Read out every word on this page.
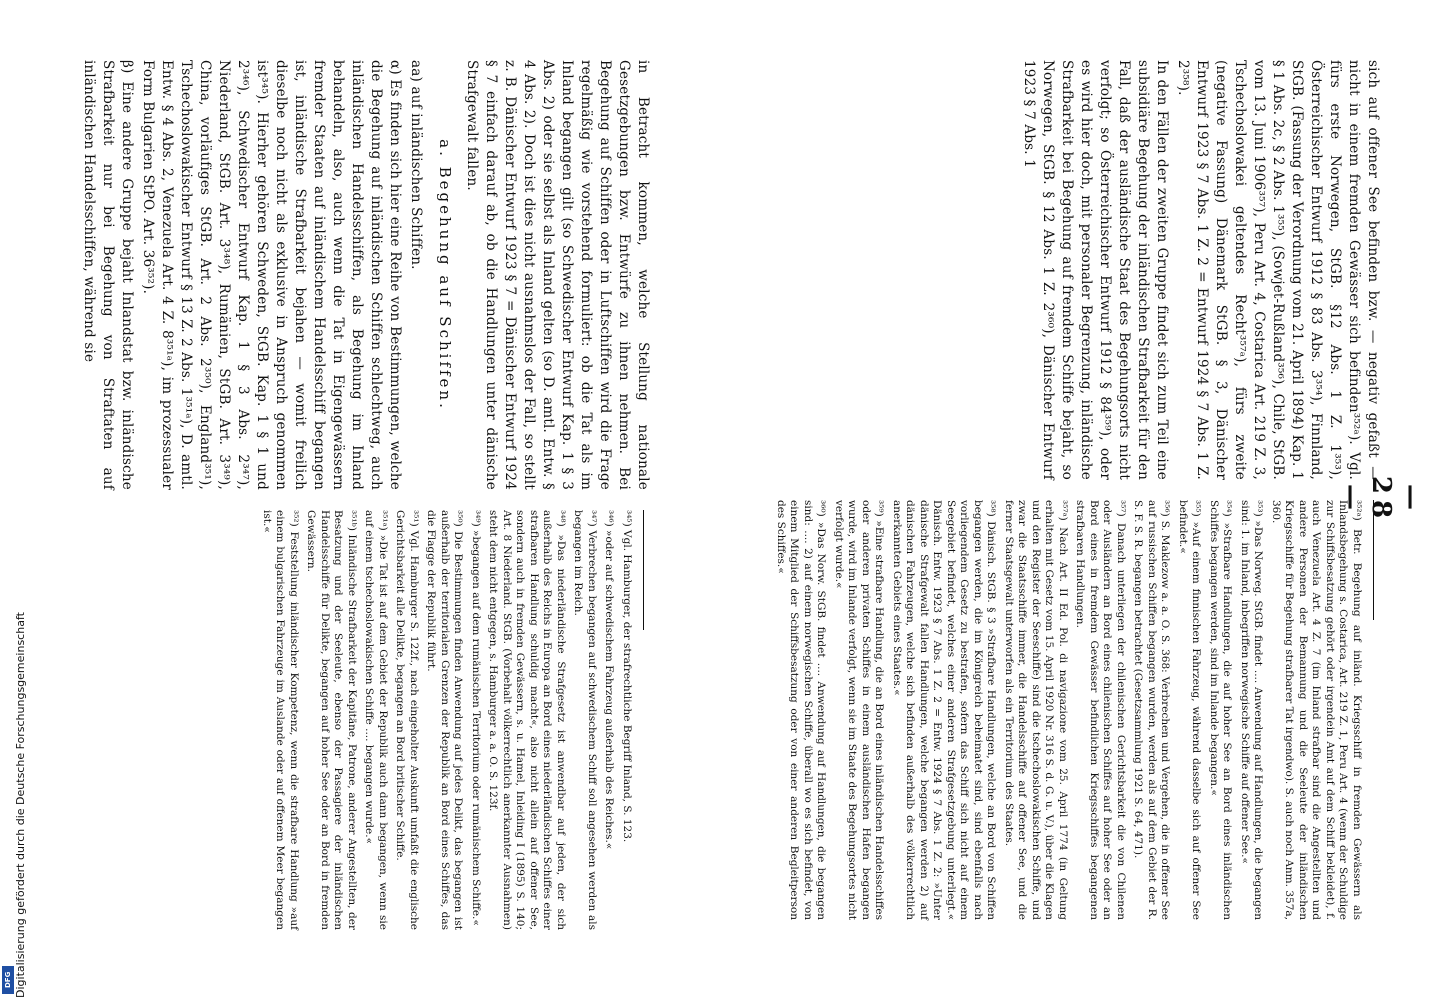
Digitalisierung gefördert durch die Deutsche Forschungsgemeinschaft
DFG
— 28 —

sich auf offener See befinden bzw. — negativ gefaßt — nicht in einem fremden Gewässer sich befinden³⁵²ᵃ). Vgl. fürs erste Norwegen, StGB. §12 Abs. 1 Z. 1³⁵³), Österreichischer Entwurf 1912 § 83 Abs. 3³⁵⁴), Finnland, StGB. (Fassung der Verordnung vom 21. April 1894) Kap. 1 § 1 Abs. 2c, § 2 Abs. 1³⁵⁵), (Sowjet-Rußland³⁵⁶), Chile, StGB. vom 13. Juni 1906³⁵⁷), Peru Art. 4, Costarica Art. 219 Z. 3, Tschechoslowakei geltendes Recht³⁵⁷ᵃ), fürs zweite (negative Fassung) Dänemark StGB. § 3, Dänischer Entwurf 1923 § 7 Abs. 1 Z. 2 = Entwurf 1924 § 7 Abs. 1 Z. 2³⁵⁸).

In den Fällen der zweiten Gruppe findet sich zum Teil eine subsidiäre Begehung der inländischen Strafbarkeit für den Fall, daß der ausländische Staat des Begehungsorts nicht verfolgt; so Österreichischer Entwurf 1912 § 84³⁵⁹), oder es wird hier doch, mit personaler Begrenzung, inländische Strafbarkeit bei Begehung auf fremdem Schiffe bejaht, so Norwegen, StGB. § 12 Abs. 1 Z. 2³⁶⁰), Dänischer Entwurf 1923 § 7 Abs. 1

³⁵²ᵃ) Betr. Begehung auf inländ. Kriegsschiff in fremden Gewässern als Inlandsbegehung s. Costarica, Art. 219 Z. 1, Peru Art. 4 (wenn der Schuldige zur Schiffsbesatzung gehört oder irgendein Amt auf dem Schiff bekleidet), f. auch Venezuela Art. 4 Z. 7 (im Inland strafbar sind die Angestellten und andere Personen der Bemannung und die Seeleute der inländischen Kriegsschiffe für Begehung strafbarer Tat irgendwo). S. auch noch Anm. 357a, 360.

³⁵³) »Das Norweg. StGB. findet .... Anwendung auf Handlungen, die begangen sind: 1. im Inland, inbegriffen norwegische Schiffe auf offener See.«

³⁵⁴) »Strafbare Handlungen, die auf hoher See an Bord eines inländischen Schiffes begangen werden, sind im Inlande begangen.«

³⁵⁵) »Auf einem finnischen Fahrzeug, während dasselbe sich auf offener See befindet.«

³⁵⁶) S. Maklezow a. a. O. S. 368: Verbrechen und Vergehen, die in offener See auf russischen Schiffen begangen wurden, werden als auf dem Gebiet der R. S. F. S. R. begangen betrachtet (Gesetzsammlung 1921 S. 64, 471).

³⁵⁷) Danach unterliegen der chilenischen Gerichtsbarkeit die von Chilenen oder Ausländern an Bord eines chilenischen Schiffes auf hoher See oder an Bord eines in fremdem Gewässer befindlichen Kriegsschiffes begangenen strafbaren Handlungen.

³⁵⁷ᵃ) Nach Art. II Ed. Pol. di navigazione vom 25. April 1774 (in Geltung erhalten mit Gesetz vom 15. April 1920 Nr. 316 S. d. G. u. V.), über die Klagen und den Register der Seeschiffe) sind die tschechoslowakischen Schiffe, und zwar die Staatsschiffe immer, die Handelsschiffe auf offener See, und die ferner Staatsgewalt unterworfen als ein Territorium des Staates.

³⁵⁸) Dänisch. StGB. § 3 »Strafbare Handlungen, welche an Bord von Schiffen begangen werden, die im Königreich beheimatet sind, sind ebenfalls nach vorliegendem Gesetz zu bestrafen, sofern das Schiff sich nicht auf einem Seegebiet befindet, welches einer anderen Strafgesetzgebung unterliegt.« Dänisch. Entw. 1923 § 7 Abs. 1 Z. 2 = Entw. 1924 § 7 Abs. 1 Z. 2: »Unter dänische Strafgewalt fallen Handlungen, welche begangen werden 2) auf dänischen Fahrzeugen, welche sich befinden außerhalb des völkerrechtlich anerkannten Gebiets eines Staates.«

³⁵⁹) »Eine strafbare Handlung, die an Bord eines inländischen Handelsschiffes oder anderen privaten Schiffes in einem ausländischen Hafen begangen wurde, wird im Inlande verfolgt, wenn sie im Staate des Begehungsortes nicht verfolgt wurde.«

³⁶⁰) »Das Norw. StGB. findet .... Anwendung auf Handlungen, die begangen sind: .... 2) auf einem norwegischen Schiffe, überall wo es sich befindet, von einem Mitglied der Schiffsbesatzung oder von einer anderen Begleitperson des Schiffes.«

in Betracht kommen, welche Stellung nationale Gesetzgebungen bzw. Entwürfe zu ihnen nehmen. Bei Begehung auf Schiffen oder in Luftschiffen wird die Frage regelmäßig wie vorstehend formuliert: ob die Tat als im Inland begangen gilt (so Schwedischer Entwurf Kap. 1 § 3 Abs. 2) oder sie selbst als Inland gelten (so D. amtl. Entw. § 4 Abs. 2). Doch ist dies nicht ausnahmslos der Fall, so stellt z. B. Dänischer Entwurf 1923 § 7 = Dänischer Entwurf 1924 § 7 einfach darauf ab, ob die Handlungen unter dänische Strafgewalt fallen.

a. Begehung auf Schiffen.

aa) auf inländischen Schiffen.

α) Es finden sich hier eine Reihe von Bestimmungen, welche die Begehung auf inländischen Schiffen schlechtweg, auch inländischen Handelsschiffen, als Begehung im Inland behandeln, also, auch wenn die Tat in Eigengewässern fremder Staaten auf inländischem Handelsschiff begangen ist, inländische Strafbarkeit bejahen — womit freilich dieselbe noch nicht als exklusive in Anspruch genommen ist³⁴⁵). Hierher gehören Schweden, StGB. Kap. 1 § 1 und 2³⁴⁶), Schwedischer Entwurf Kap. 1 § 3 Abs. 2³⁴⁷), Niederland, StGB. Art. 3³⁴⁸), Rumänien, StGB. Art. 3³⁴⁹), China, vorläufiges StGB. Art. 2 Abs. 2³⁵⁰), England³⁵¹), Tschechoslowakischer Entwurf § 13 Z. 2 Abs. 1³⁵¹ᵃ), D. amtl. Entw. § 4 Abs. 2, Venezuela Art. 4 Z. 8³⁵¹ᵃ), im prozessualer Form Bulgarien StPO. Art. 36³⁵²).

β) Eine andere Gruppe bejaht Inlandstat bzw. inländische Strafbarkeit nur bei Begehung von Straftaten auf inländischen Handelsschiffen, während sie

³⁴⁵) Vgl. Hamburger, der strafrechtliche Begriff Inland, S. 123.

³⁴⁶) »oder auf schwedischem Fahrzeug außerhalb des Reiches.«

³⁴⁷) Verbrechen begangen auf schwedischem Schiff soll angesehen werden als begangen im Reich.

³⁴⁸) »Das niederländische Strafgesetz ist anwendbar auf jeden, der sich außerhalb des Reichs in Europa an Bord eines niederländischen Schiffes einer strafbaren Handlung schuldig macht«, also nicht allein auf offener See, sondern auch in fremden Gewässern, s. u. Hamel, Inleiding I (1895) S. 140; Art. 8 Niederland. StGB. (Vorbehalt völkerrechtlich anerkannter Ausnahmen) steht dem nicht entgegen, s. Hamburger a. a. O. S. 123f.

³⁴⁹) »begangen auf dem rumänischen Territorium oder rumänischem Schiffe.«

³⁵⁰) Die Bestimmungen finden Anwendung auf jedes Delikt, das begangen ist außerhalb der territorialen Grenzen der Republik an Bord eines Schiffes, das die Flagge der Republik führt.

³⁵¹) Vgl. Hamburger S. 122f., nach eingeholter Auskunft umfaßt die englische Gerichtsbarkeit alle Delikte, begangen an Bord britischer Schiffe.

³⁵¹ᵃ) »Die Tat ist auf dem Gebiet der Republik auch dann begangen, wenn sie auf einem tschechoslowakischen Schiffe .... begangen wurde.«

³⁵¹ᵇ) Inländische Strafbarkeit der Kapitäne, Patrone, anderer Angestellten, der Besatzung und der Seeleute, ebenso der Passagiere der inländischen Handelsschiffe für Delikte, begangen auf hoher See oder an Bord in fremden Gewässern.

³⁵²) Feststellung inländischer Kompetenz, wenn die strafbare Handlung »auf einem bulgarischen Fahrzeuge im Auslande oder auf offenem Meer begangen ist.«
